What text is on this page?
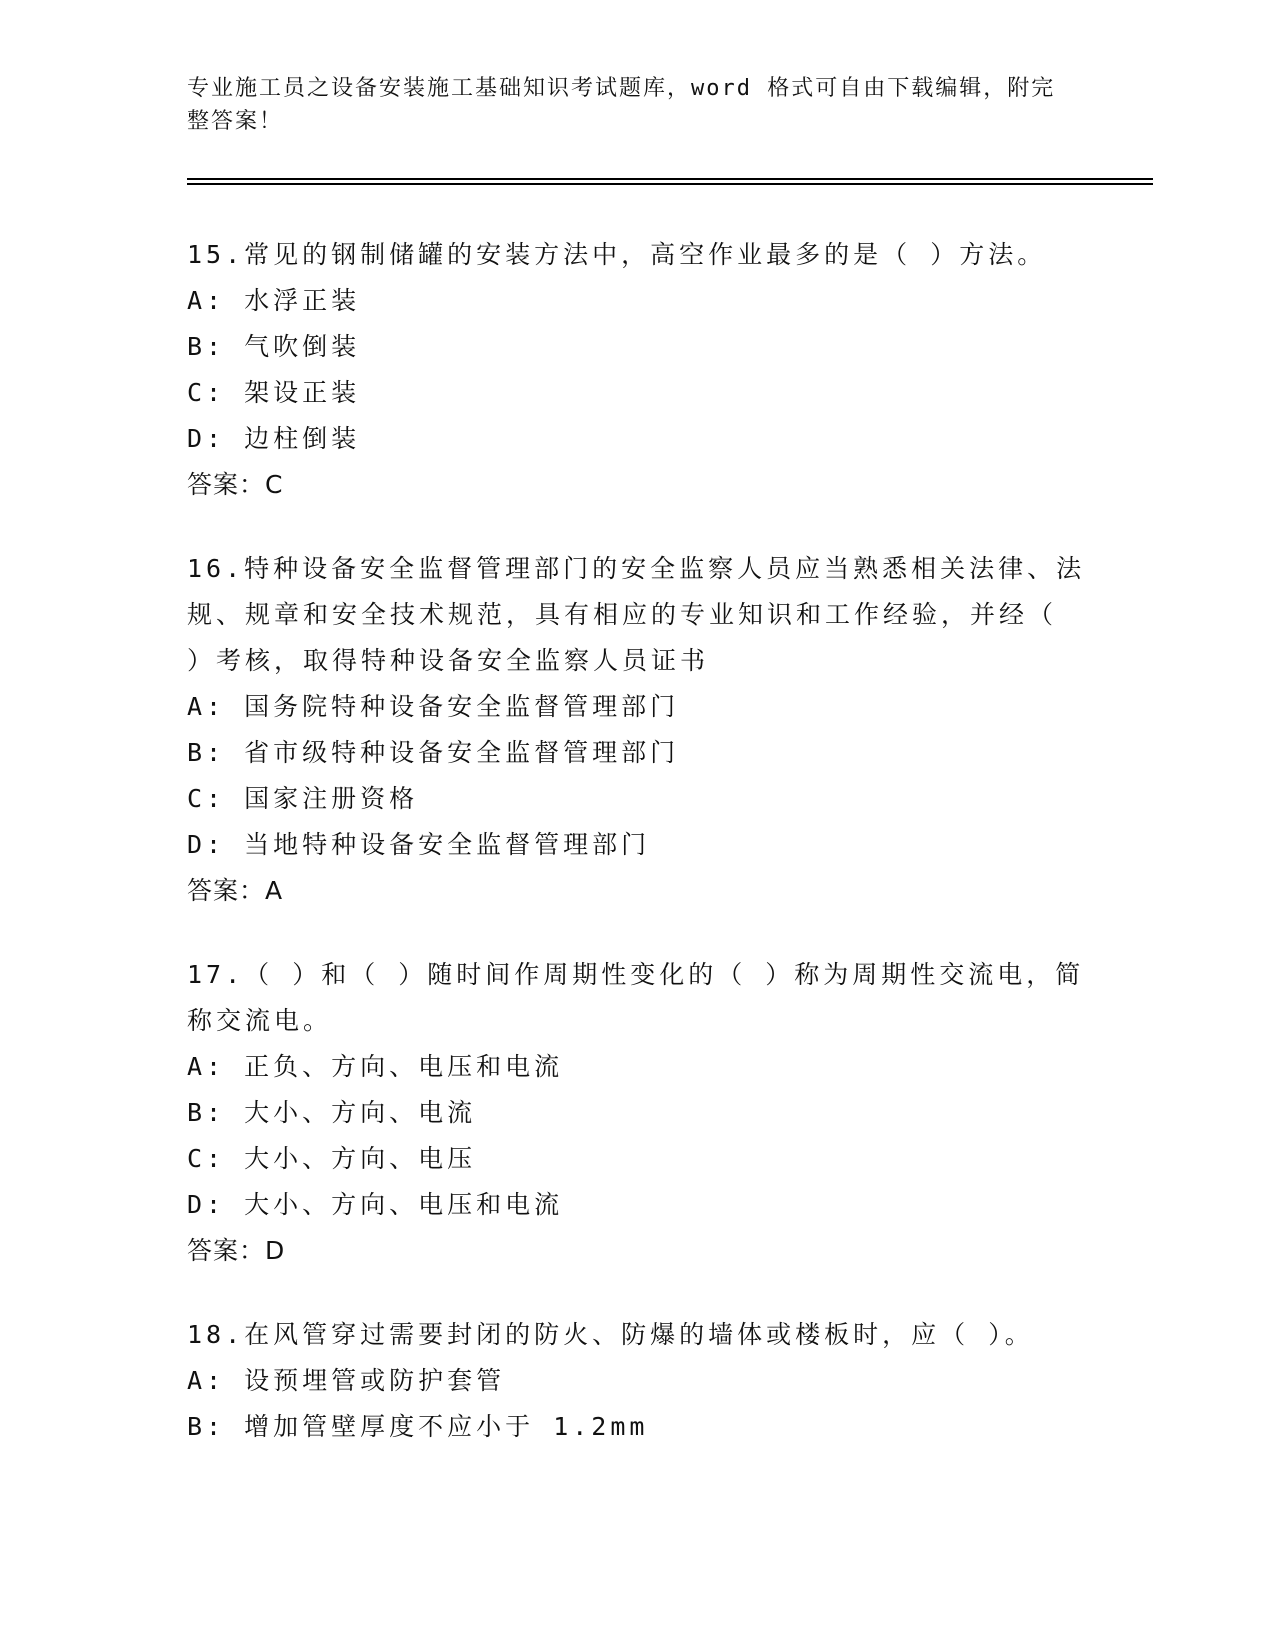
专业施工员之设备安装施工基础知识考试题库，word 格式可自由下载编辑，附完整答案！
15.常见的钢制储罐的安装方法中，高空作业最多的是（ ）方法。
A: 水浮正装
B: 气吹倒装
C: 架设正装
D: 边柱倒装
答案：C
16.特种设备安全监督管理部门的安全监察人员应当熟悉相关法律、法规、规章和安全技术规范，具有相应的专业知识和工作经验，并经（ ）考核，取得特种设备安全监察人员证书
A: 国务院特种设备安全监督管理部门
B: 省市级特种设备安全监督管理部门
C: 国家注册资格
D: 当地特种设备安全监督管理部门
答案：A
17.（ ）和（ ）随时间作周期性变化的（ ）称为周期性交流电，简称交流电。
A: 正负、方向、电压和电流
B: 大小、方向、电流
C: 大小、方向、电压
D: 大小、方向、电压和电流
答案：D
18.在风管穿过需要封闭的防火、防爆的墙体或楼板时，应（ ）。
A: 设预埋管或防护套管
B: 增加管壁厚度不应小于 1.2mm
